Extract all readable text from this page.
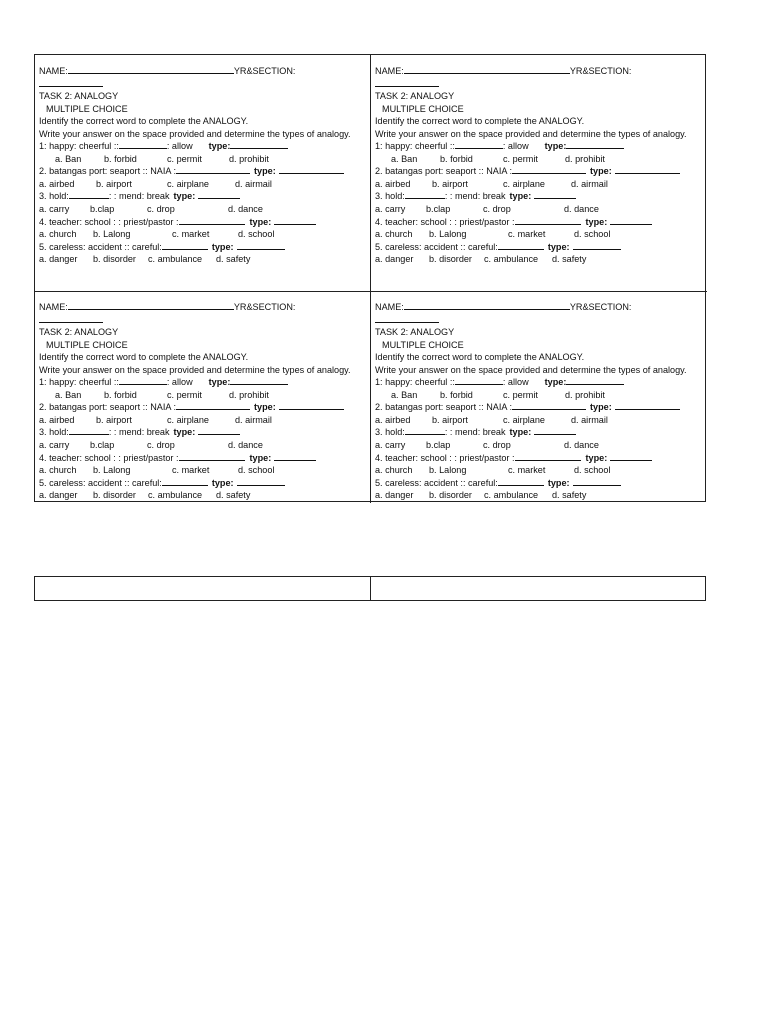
NAME:	YR&SECTION:
TASK 2: ANALOGY
MULTIPLE CHOICE
Identify the correct word to complete the ANALOGY.
Write your answer on the space provided and determine the types of analogy.
1: happy: cheerful ::	: allow type:
a. Ban	b. forbid	c. permit	d. prohibit
2. batangas port: seaport :: NAIA :	type:
a. airbed	b. airport	c. airplane	d. airmail
3. hold:	: : mend: break type:
a. carry	b.clap	c. drop	d. dance
4. teacher: school : : priest/pastor :	type:
a. church	b. Lalong	c. market	d. school
5. careless: accident :: careful:	type:
a. danger	b. disorder	c. ambulance	d. safety
NAME:	YR&SECTION:
TASK 2: ANALOGY
MULTIPLE CHOICE
Identify the correct word to complete the ANALOGY.
Write your answer on the space provided and determine the types of analogy.
1: happy: cheerful ::	: allow type:
a. Ban	b. forbid	c. permit	d. prohibit
2. batangas port: seaport :: NAIA :	type:
a. airbed	b. airport	c. airplane	d. airmail
3. hold:	: : mend: break type:
a. carry	b.clap	c. drop	d. dance
4. teacher: school : : priest/pastor :	type:
a. church	b. Lalong	c. market	d. school
5. careless: accident :: careful:	type:
a. danger	b. disorder	c. ambulance	d. safety
NAME:	YR&SECTION:
TASK 2: ANALOGY
MULTIPLE CHOICE
Identify the correct word to complete the ANALOGY.
Write your answer on the space provided and determine the types of analogy.
1: happy: cheerful ::	: allow type:
a. Ban	b. forbid	c. permit	d. prohibit
2. batangas port: seaport :: NAIA :	type:
a. airbed	b. airport	c. airplane	d. airmail
3. hold:	: : mend: break type:
a. carry	b.clap	c. drop	d. dance
4. teacher: school : : priest/pastor :	type:
a. church	b. Lalong	c. market	d. school
5. careless: accident :: careful:	type:
a. danger	b. disorder	c. ambulance	d. safety
NAME:	YR&SECTION:
TASK 2: ANALOGY
MULTIPLE CHOICE
Identify the correct word to complete the ANALOGY.
Write your answer on the space provided and determine the types of analogy.
1: happy: cheerful ::	: allow type:
a. Ban	b. forbid	c. permit	d. prohibit
2. batangas port: seaport :: NAIA :	type:
a. airbed	b. airport	c. airplane	d. airmail
3. hold:	: : mend: break type:
a. carry	b.clap	c. drop	d. dance
4. teacher: school : : priest/pastor :	type:
a. church	b. Lalong	c. market	d. school
5. careless: accident :: careful:	type:
a. danger	b. disorder	c. ambulance	d. safety
